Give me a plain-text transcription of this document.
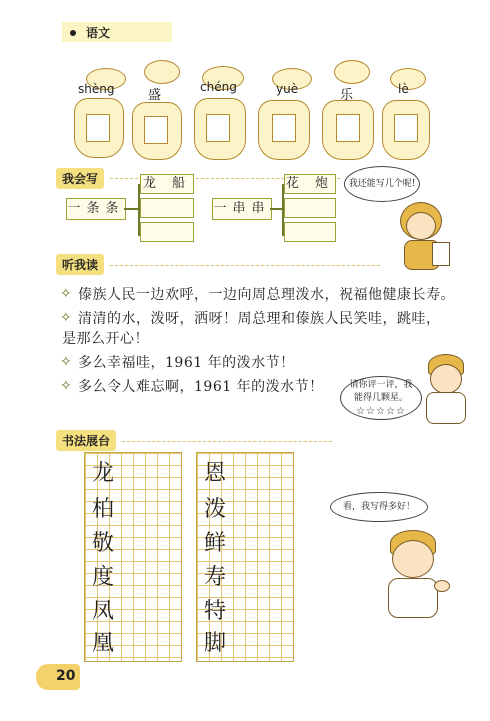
语文
shèng	盛
chéng	yuè	乐	lè
我会写
一条条
龙 船
一串串
花 炮	我还能写几个呢!
听我读
✧ 傣族人民一边欢呼，一边向周总理泼水，祝福他健康长寿。
✧ 清清的水，泼呀，洒呀！周总理和傣族人民笑哇，跳哇，
是那么开心！
✧ 多么幸福哇，1961 年的泼水节！
✧ 多么令人难忘啊，1961 年的泼水节！	请你评一评，我能得几颗星。
☆☆☆☆☆
书法展台
龙
柏
敬
度
凤
凰
恩
泼
鲜
寿
特
脚
看，我写得多好！
20
